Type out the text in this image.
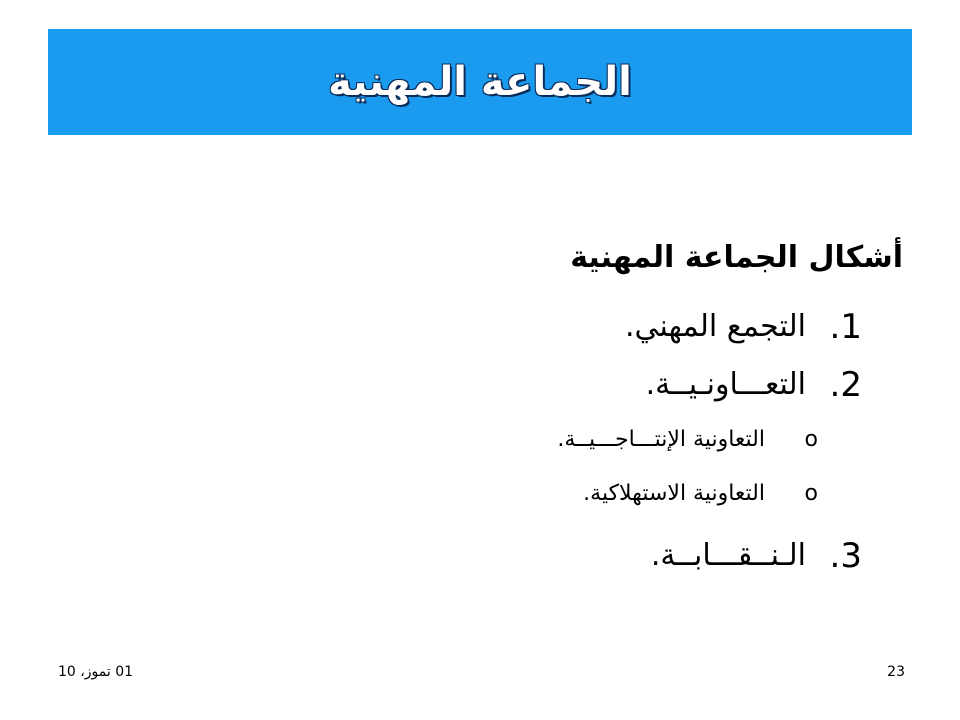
الجماعة المهنية
أشكال الجماعة المهنية
1.
التجمع المهني.
2.
التعـــاونـيــة.
o
التعاونية الإنتـــاجـــيــة.
o
التعاونية الاستهلاكية.
3.
الـنــقـــابــة.
01 تموز، 10	23
